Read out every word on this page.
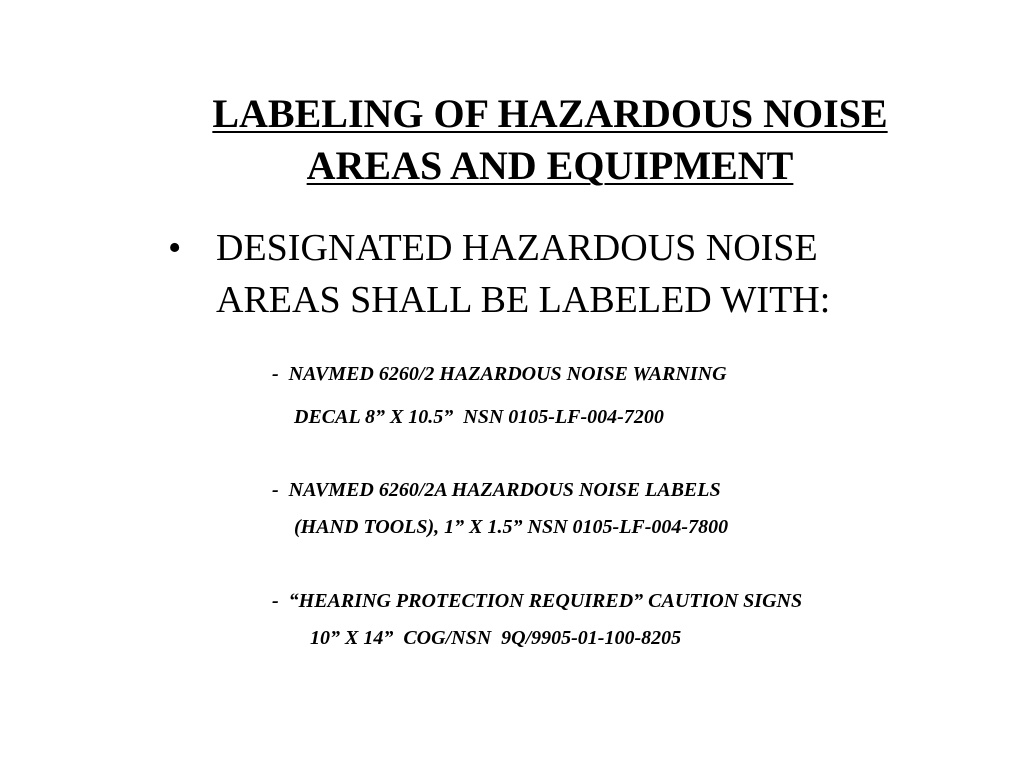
LABELING OF HAZARDOUS NOISE
AREAS AND EQUIPMENT
• DESIGNATED HAZARDOUS NOISE
AREAS SHALL BE LABELED WITH:
-  NAVMED 6260/2 HAZARDOUS NOISE WARNING
DECAL 8” X 10.5”  NSN 0105-LF-004-7200
-  NAVMED 6260/2A HAZARDOUS NOISE LABELS
(HAND TOOLS), 1” X 1.5” NSN 0105-LF-004-7800
-  “HEARING PROTECTION REQUIRED” CAUTION SIGNS
10” X 14”  COG/NSN  9Q/9905-01-100-8205
